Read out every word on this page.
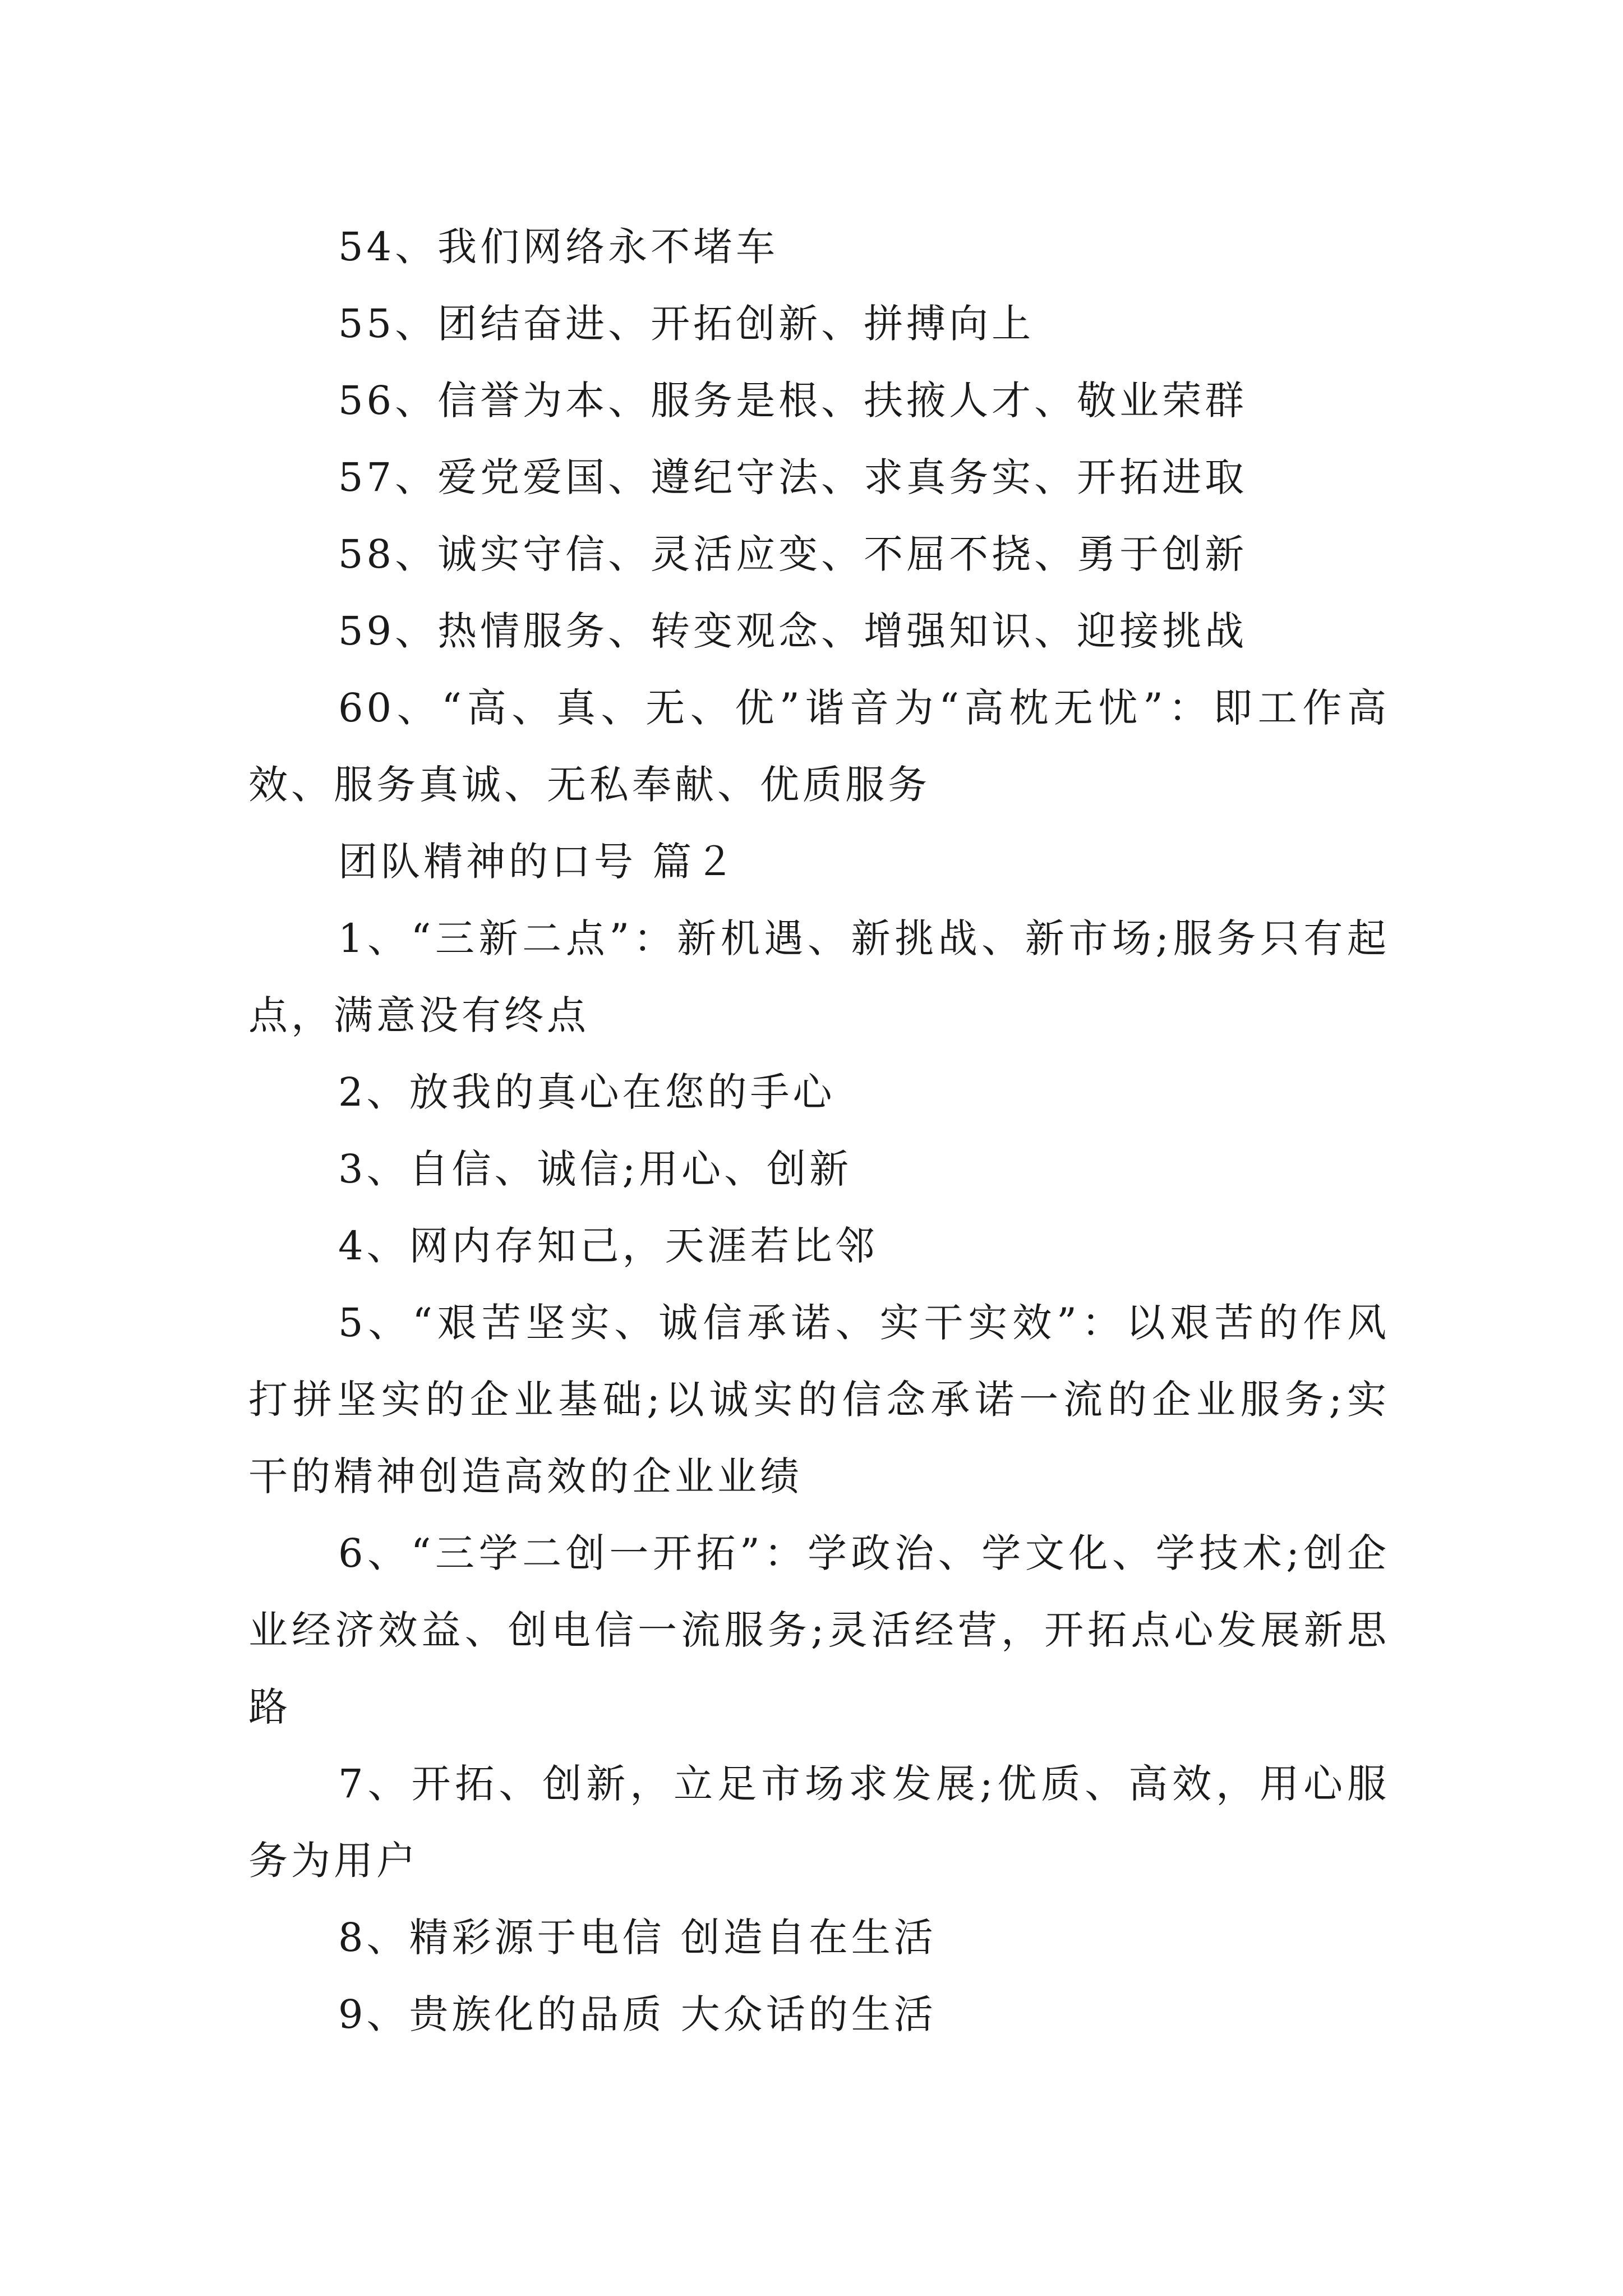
54、我们网络永不堵车

55、团结奋进、开拓创新、拼搏向上

56、信誉为本、服务是根、扶掖人才、敬业荣群

57、爱党爱国、遵纪守法、求真务实、开拓进取

58、诚实守信、灵活应变、不屈不挠、勇于创新

59、热情服务、转变观念、增强知识、迎接挑战

60、“高、真、无、优”谐音为“高枕无忧”：即工作高效、服务真诚、无私奉献、优质服务

团队精神的口号 篇２

1、“三新二点”：新机遇、新挑战、新市场;服务只有起点，满意没有终点

2、放我的真心在您的手心

3、自信、诚信;用心、创新

4、网内存知己，天涯若比邻

5、“艰苦坚实、诚信承诺、实干实效”：以艰苦的作风打拼坚实的企业基础;以诚实的信念承诺一流的企业服务;实干的精神创造高效的企业业绩

6、“三学二创一开拓”：学政治、学文化、学技术;创企业经济效益、创电信一流服务;灵活经营，开拓点心发展新思路

7、开拓、创新，立足市场求发展;优质、高效，用心服务为用户

8、精彩源于电信 创造自在生活

9、贵族化的品质 大众话的生活
